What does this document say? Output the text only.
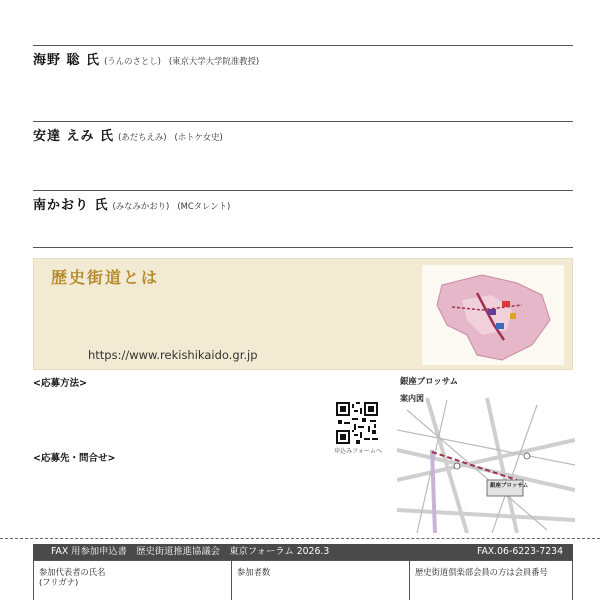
海野 聡 氏 (うんのさとし) (東京大学大学院准教授)
安達 えみ 氏 (あだちえみ) (ホトケ女史)
南かおり 氏 (みなみかおり) (MCタレント)
歴史街道とは
https://www.rekishikaido.gr.jp
<応募方法>
申込みフォームへ
<応募先・問合せ>
銀座ブロッサム
案内図
銀座ブロッサム
FAX 用参加申込書　歴史街道推進協議会　東京フォーラム 2026.3	FAX.06-6223-7234
参加代表者の氏名
(フリガナ)
参加者数	歴史街道倶楽部会員の方は会員番号
